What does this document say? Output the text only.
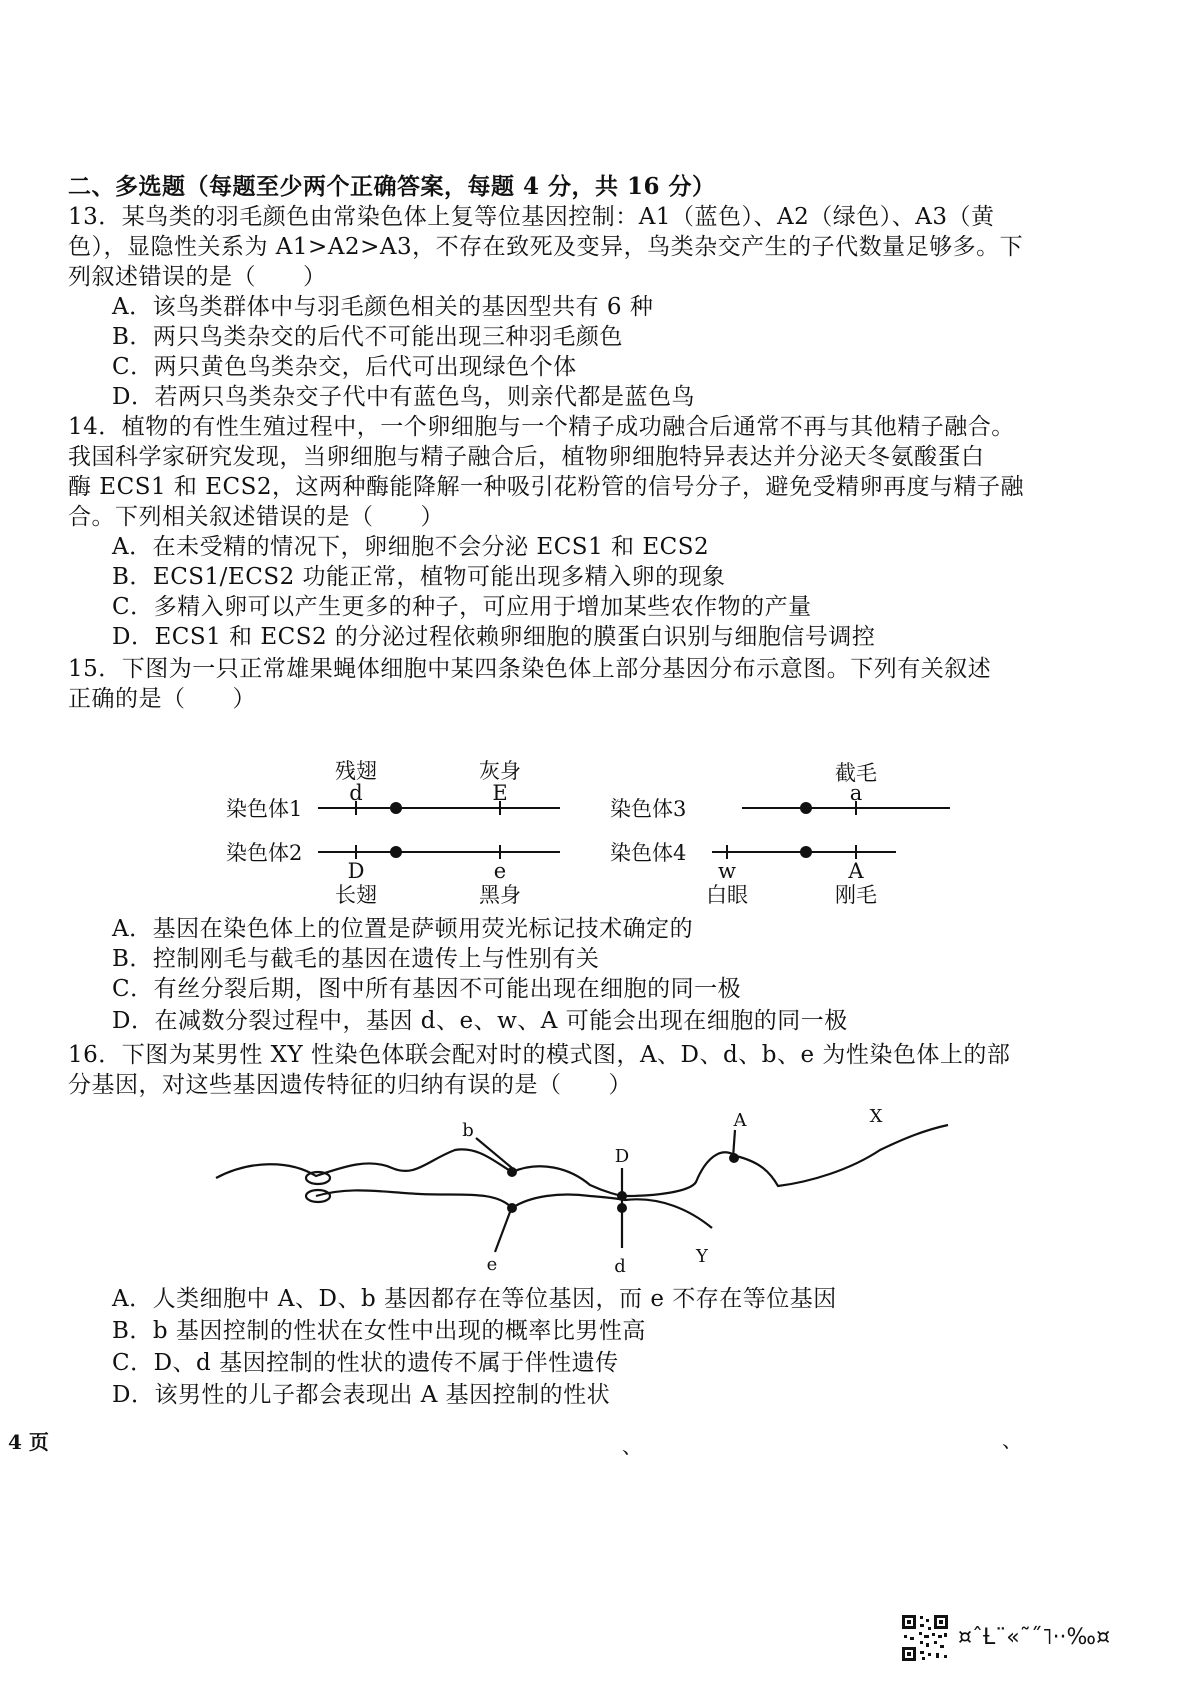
二、多选题（每题至少两个正确答案，每题 4 分，共 16 分）
13．某鸟类的羽毛颜色由常染色体上复等位基因控制：A1（蓝色）、A2（绿色）、A3（黄
色），显隐性关系为 A1>A2>A3，不存在致死及变异，鸟类杂交产生的子代数量足够多。下
列叙述错误的是（　　）
A．该鸟类群体中与羽毛颜色相关的基因型共有 6 种
B．两只鸟类杂交的后代不可能出现三种羽毛颜色
C．两只黄色鸟类杂交，后代可出现绿色个体
D．若两只鸟类杂交子代中有蓝色鸟，则亲代都是蓝色鸟
14．植物的有性生殖过程中，一个卵细胞与一个精子成功融合后通常不再与其他精子融合。
我国科学家研究发现，当卵细胞与精子融合后，植物卵细胞特异表达并分泌天冬氨酸蛋白
酶 ECS1 和 ECS2，这两种酶能降解一种吸引花粉管的信号分子，避免受精卵再度与精子融
合。下列相关叙述错误的是（　　）
A．在未受精的情况下，卵细胞不会分泌 ECS1 和 ECS2
B．ECS1/ECS2 功能正常，植物可能出现多精入卵的现象
C．多精入卵可以产生更多的种子，可应用于增加某些农作物的产量
D．ECS1 和 ECS2 的分泌过程依赖卵细胞的膜蛋白识别与细胞信号调控
15．下图为一只正常雄果蝇体细胞中某四条染色体上部分基因分布示意图。下列有关叙述
正确的是（　　）
染色体1
染色体2
染色体3
染色体4
残翅
d
灰身
E
截毛
a
D
长翅
e
黑身
w
白眼
A
刚毛
b	A	X
D
e	d	Y
A．基因在染色体上的位置是萨顿用荧光标记技术确定的
B．控制刚毛与截毛的基因在遗传上与性别有关
C．有丝分裂后期，图中所有基因不可能出现在细胞的同一极
D．在减数分裂过程中，基因 d、e、w、A 可能会出现在细胞的同一极
16．下图为某男性 XY 性染色体联会配对时的模式图，A、D、d、b、e 为性染色体上的部
分基因，对这些基因遗传特征的归纳有误的是（　　）
A．人类细胞中 A、D、b 基因都存在等位基因，而 e 不存在等位基因
B．b 基因控制的性状在女性中出现的概率比男性高
C．D、d 基因控制的性状的遗传不属于伴性遗传
D．该男性的儿子都会表现出 A 基因控制的性状
4 页	、	、
¤ˆȽ¨«˜˝˥··‰¤
